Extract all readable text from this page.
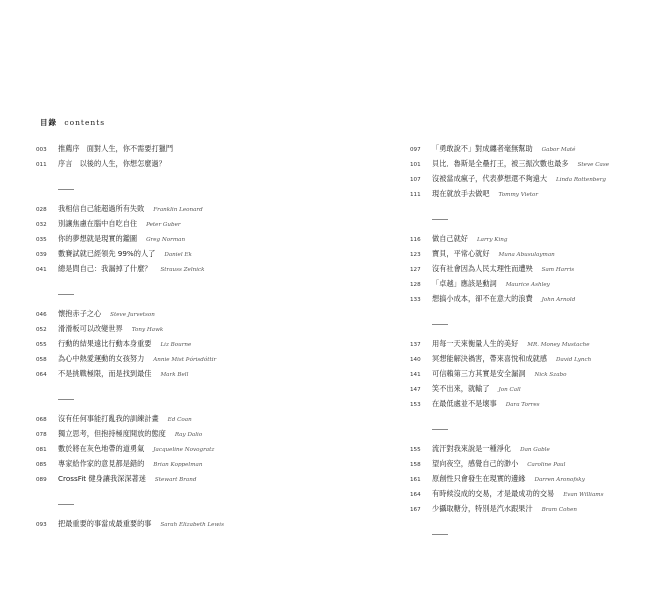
目錄 contents
003	推薦序　面對人生，你不需要打獵鬥
011	序言　以後的人生，你想怎麼過？
028	我相信自己能超過所有失敗 Franklin Leonard
032	別讓焦慮在腦中自吃自住 Peter Guber
035	你的夢想就是現實的鑑圖 Greg Norman
039	數賽試就已經領先 99%的人了 Daniel Ek
041	總是問自己：我漏掉了什麼？ Strauss Zelnick
046	懷抱赤子之心 Steve Jurvetson
052	滑滑板可以改變世界 Tony Hawk
055	行動的結果遠比行動本身重要 Liz Bourne
058	為心中熱愛運動的女孩努力 Annie Mist Þórisdóttir
064	不是挑戰極限，而是找到最佳 Mark Bell
068	沒有任何事能打亂我的訓練計畫 Ed Coan
078	獨立思考，但抱持極度開放的態度 Ray Dalio
081	數於將在灰色地帶的道勇氣 Jacqueline Novogratz
085	專家給作家的意見都是錯的 Brian Koppelman
089	CrossFit 健身讓我深深著迷 Stewart Brand
093	把最重要的事當成最重要的事 Sarah Elizabeth Lewis
097	「勇敢說不」對成纏者毫無幫助 Gabor Maté
101	貝比．魯斯是全壘打王，被三振次數也最多 Steve Case
107	沒被當成瘋子，代表夢想還不夠遠大 Linda Rottenberg
111	現在就放手去做吧 Tommy Vietor
116	做自己就好 Larry King
123	寶貝，平常心就好 Muna Abusulayman
127	沒有社會因為人民太理性而遭殃 Sam Harris
128	「卓越」應該是動詞 Maurice Ashley
133	想搞小成本，卻不在意大的浪費 John Arnold
137	用每一天來衡量人生的美好 MR. Money Mustache
140	冥想能解決禍害，帶來喜悅和成就感 David Lynch
141	可信賴第三方其實是安全漏洞 Nick Szabo
147	笑不出來，就輸了 Jon Call
153	在最低處並不是壞事 Dara Torres
155	流汗對我來說是一種淨化 Dan Gable
158	望向夜空，感覺自己的渺小 Caroline Paul
161	原創性只會發生在現實的邊緣 Darren Aronofsky
164	有時候沒成的交易，才是最成功的交易 Evan Williams
167	少攝取糖分，特別是汽水跟果汁 Bram Cohen
